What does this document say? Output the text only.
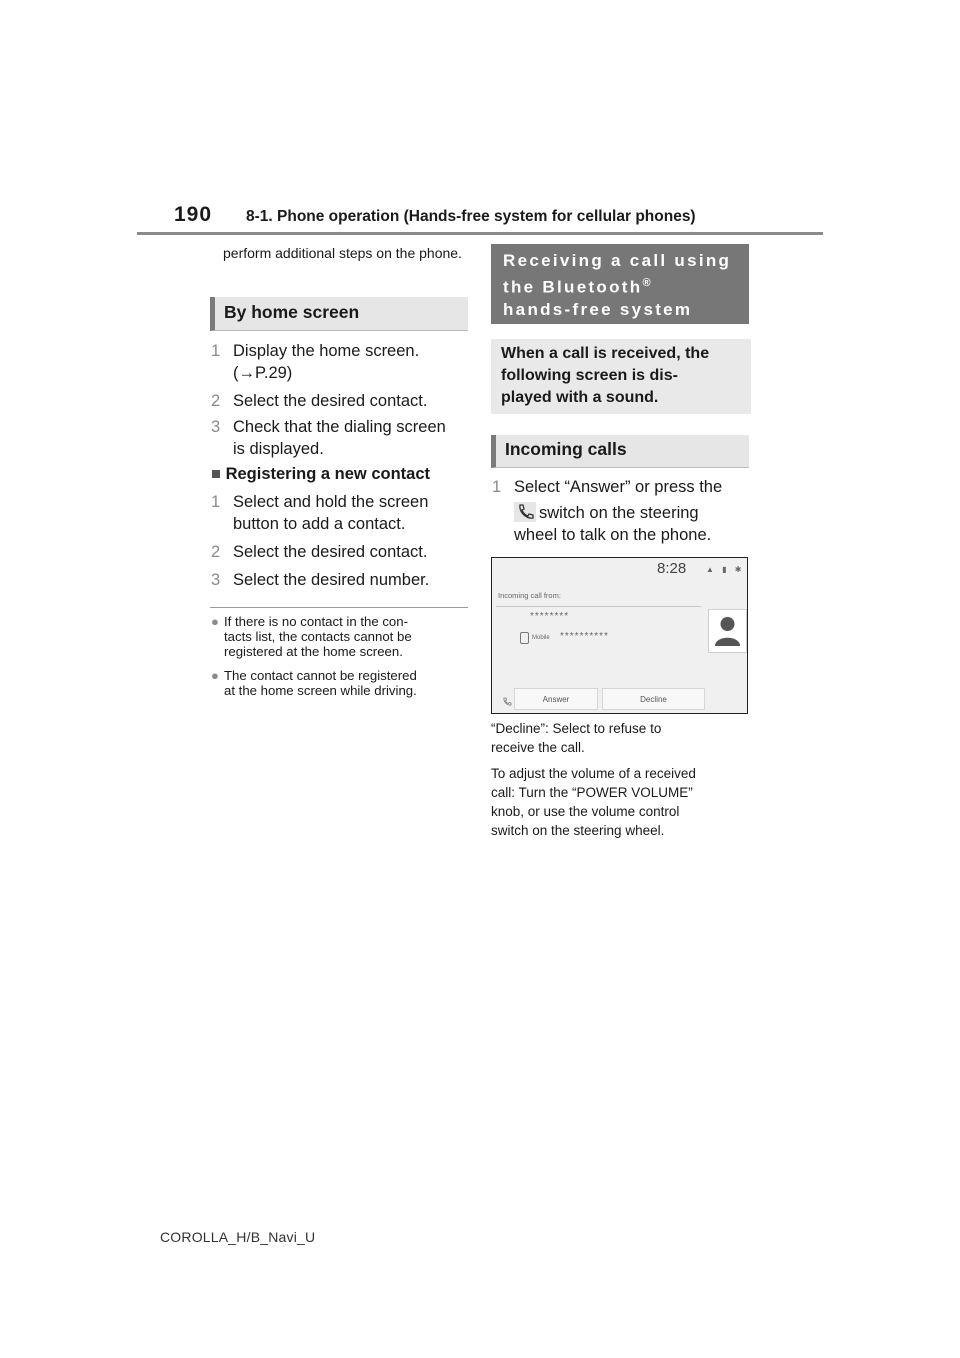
190 8-1. Phone operation (Hands-free system for cellular phones)
perform additional steps on the phone.
By home screen
1 Display the home screen.
(→P.29)
2 Select the desired contact.
3 Check that the dialing screen
is displayed.
■ Registering a new contact
1 Select and hold the screen
button to add a contact.
2 Select the desired contact.
3 Select the desired number.
● If there is no contact in the con-
tacts list, the contacts cannot be
registered at the home screen.
● The contact cannot be registered
at the home screen while driving.
Receiving a call using
the Bluetooth®
hands-free system
When a call is received, the
following screen is dis-
played with a sound.
Incoming calls
1 Select “Answer” or press the
switch on the steering
wheel to talk on the phone.
8:28 ▲ ▮ ✱
Incoming call from:
********
Mobile **********
Answer	Decline
“Decline”: Select to refuse to
receive the call.
To adjust the volume of a received
call: Turn the “POWER VOLUME”
knob, or use the volume control
switch on the steering wheel.
COROLLA_H/B_Navi_U
